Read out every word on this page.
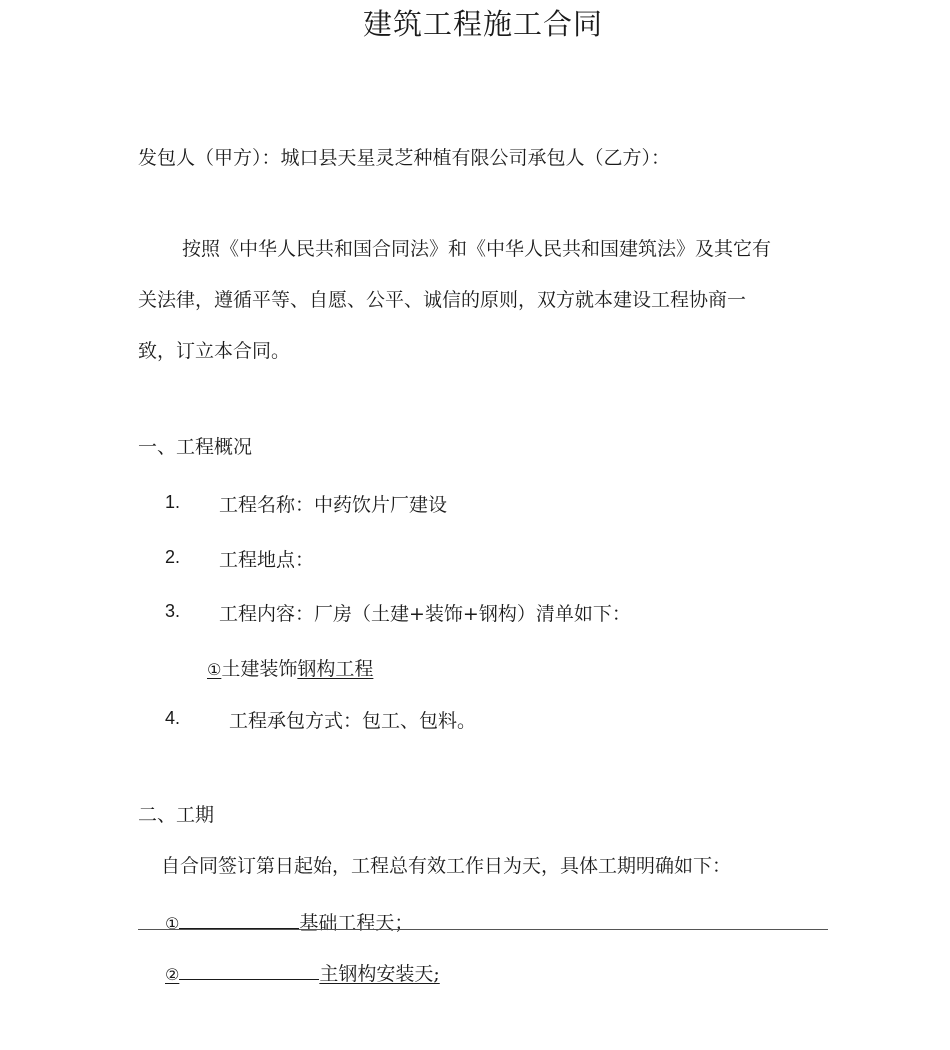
建筑工程施工合同
发包人（甲方）：城口县天星灵芝种植有限公司承包人（乙方）：
按照《中华人民共和国合同法》和《中华人民共和国建筑法》及其它有
关法律，遵循平等、自愿、公平、诚信的原则，双方就本建设工程协商一
致，订立本合同。
一、工程概况
1. 工程名称：中药饮片厂建设
2. 工程地点：
3. 工程内容：厂房（土建+装饰+钢构）清单如下：
①土建装饰钢构工程
4.	工程承包方式：包工、包料。
二、工期
自合同签订第日起始，工程总有效工作日为天，具体工期明确如下：
①	基础工程天；
②	主钢构安装天;
